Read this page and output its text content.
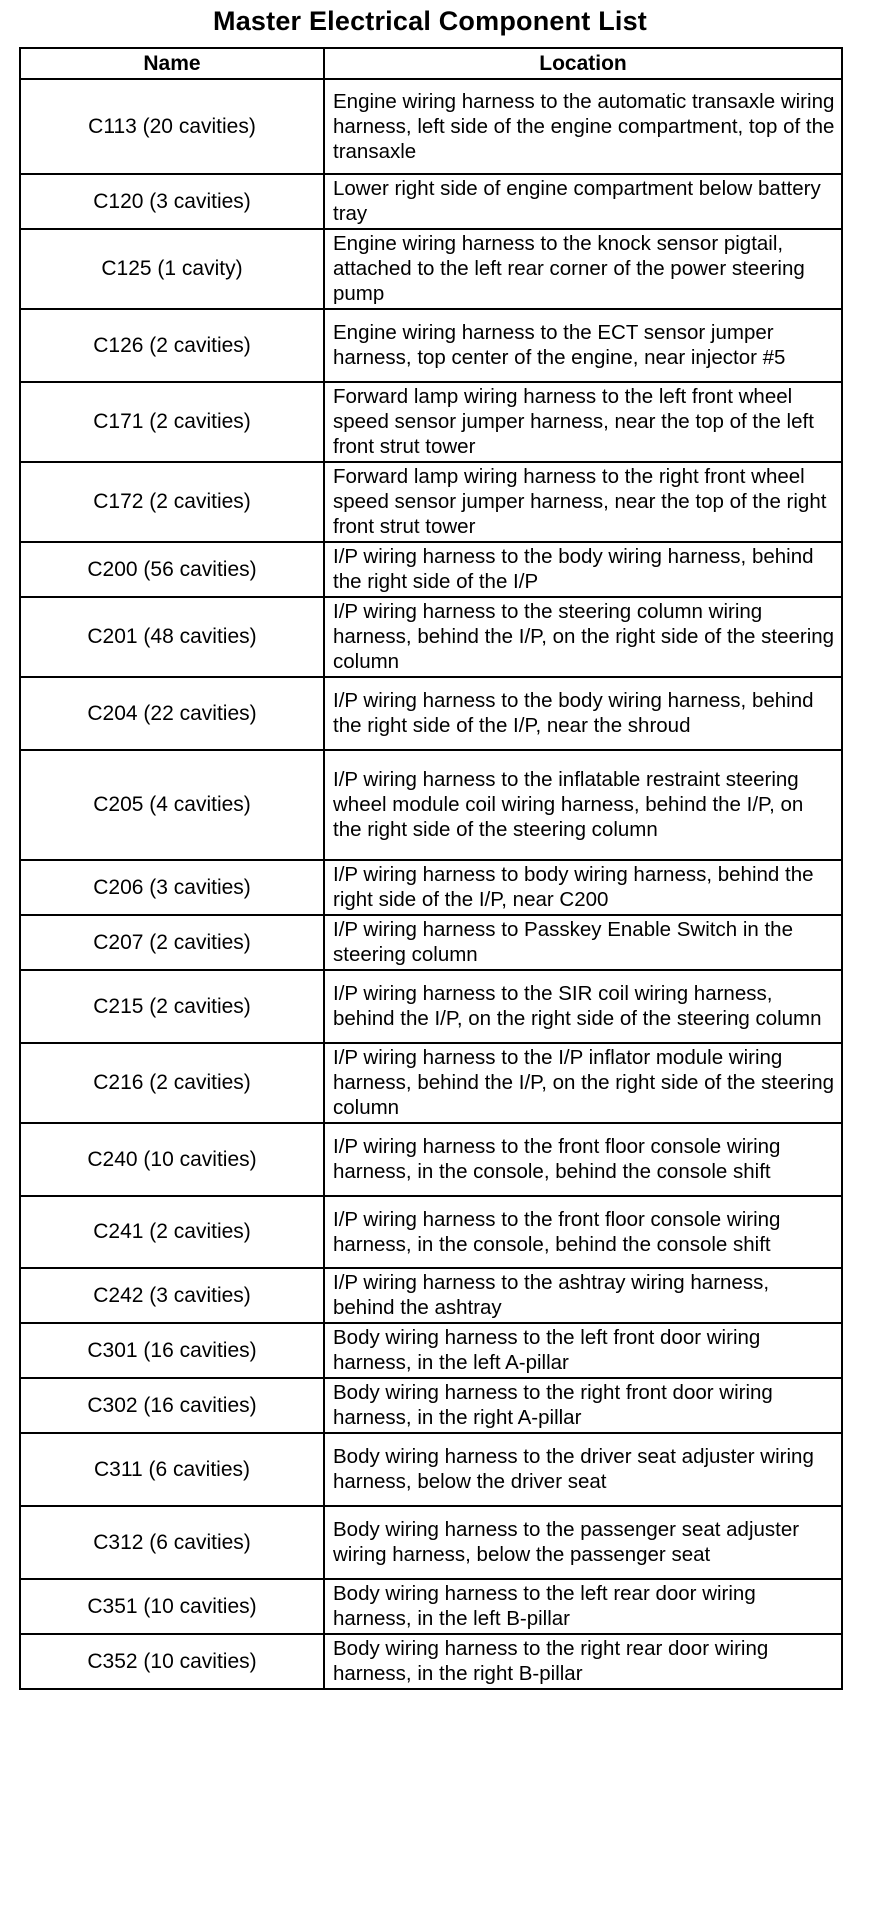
Master Electrical Component List
Name	Location
C113 (20 cavities)	Engine wiring harness to the automatic transaxle wiring harness, left side of the engine compartment, top of the transaxle
C120 (3 cavities)	Lower right side of engine compartment below battery tray
C125 (1 cavity)	Engine wiring harness to the knock sensor pigtail, attached to the left rear corner of the power steering pump
C126 (2 cavities)	Engine wiring harness to the ECT sensor jumper harness, top center of the engine, near injector #5
C171 (2 cavities)	Forward lamp wiring harness to the left front wheel speed sensor jumper harness, near the top of the left front strut tower
C172 (2 cavities)	Forward lamp wiring harness to the right front wheel speed sensor jumper harness, near the top of the right front strut tower
C200 (56 cavities)	I/P wiring harness to the body wiring harness, behind the right side of the I/P
C201 (48 cavities)	I/P wiring harness to the steering column wiring harness, behind the I/P, on the right side of the steering column
C204 (22 cavities)	I/P wiring harness to the body wiring harness, behind the right side of the I/P, near the shroud
C205 (4 cavities)	I/P wiring harness to the inflatable restraint steering wheel module coil wiring harness, behind the I/P, on the right side of the steering column
C206 (3 cavities)	I/P wiring harness to body wiring harness, behind the right side of the I/P, near C200
C207 (2 cavities)	I/P wiring harness to Passkey Enable Switch in the steering column
C215 (2 cavities)	I/P wiring harness to the SIR coil wiring harness, behind the I/P, on the right side of the steering column
C216 (2 cavities)	I/P wiring harness to the I/P inflator module wiring harness, behind the I/P, on the right side of the steering column
C240 (10 cavities)	I/P wiring harness to the front floor console wiring harness, in the console, behind the console shift
C241 (2 cavities)	I/P wiring harness to the front floor console wiring harness, in the console, behind the console shift
C242 (3 cavities)	I/P wiring harness to the ashtray wiring harness, behind the ashtray
C301 (16 cavities)	Body wiring harness to the left front door wiring harness, in the left A-pillar
C302 (16 cavities)	Body wiring harness to the right front door wiring harness, in the right A-pillar
C311 (6 cavities)	Body wiring harness to the driver seat adjuster wiring harness, below the driver seat
C312 (6 cavities)	Body wiring harness to the passenger seat adjuster wiring harness, below the passenger seat
C351 (10 cavities)	Body wiring harness to the left rear door wiring harness, in the left B-pillar
C352 (10 cavities)	Body wiring harness to the right rear door wiring harness, in the right B-pillar
